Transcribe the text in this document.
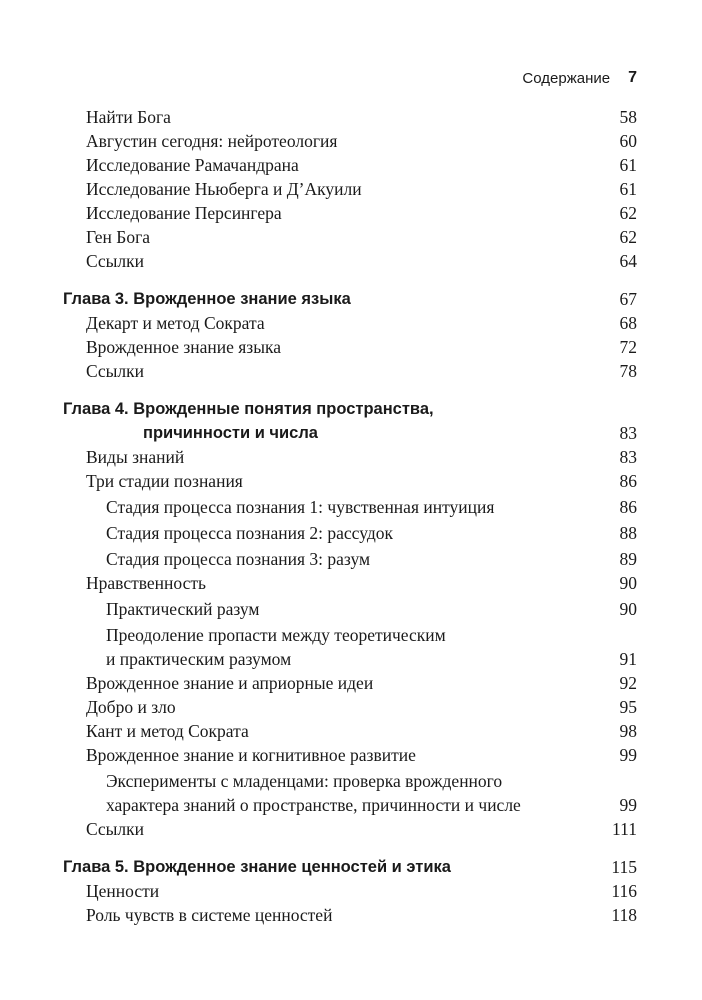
Содержание 7
Найти Бога	58
Августин сегодня: нейротеология	60
Исследование Рамачандрана	61
Исследование Ньюберга и Д’Акуили	61
Исследование Персингера	62
Ген Бога	62
Ссылки	64
Глава 3. Врожденное знание языка	67
Декарт и метод Сократа	68
Врожденное знание языка	72
Ссылки	78
Глава 4. Врожденные понятия пространства,
причинности и числа	83
Виды знаний	83
Три стадии познания	86
Стадия процесса познания 1: чувственная интуиция	86
Стадия процесса познания 2: рассудок	88
Стадия процесса познания 3: разум	89
Нравственность	90
Практический разум	90
Преодоление пропасти между теоретическим
и практическим разумом	91
Врожденное знание и априорные идеи	92
Добро и зло	95
Кант и метод Сократа	98
Врожденное знание и когнитивное развитие	99
Эксперименты с младенцами: проверка врожденного
характера знаний о пространстве, причинности и числе	99
Ссылки	111
Глава 5. Врожденное знание ценностей и этика	115
Ценности	116
Роль чувств в системе ценностей	118
